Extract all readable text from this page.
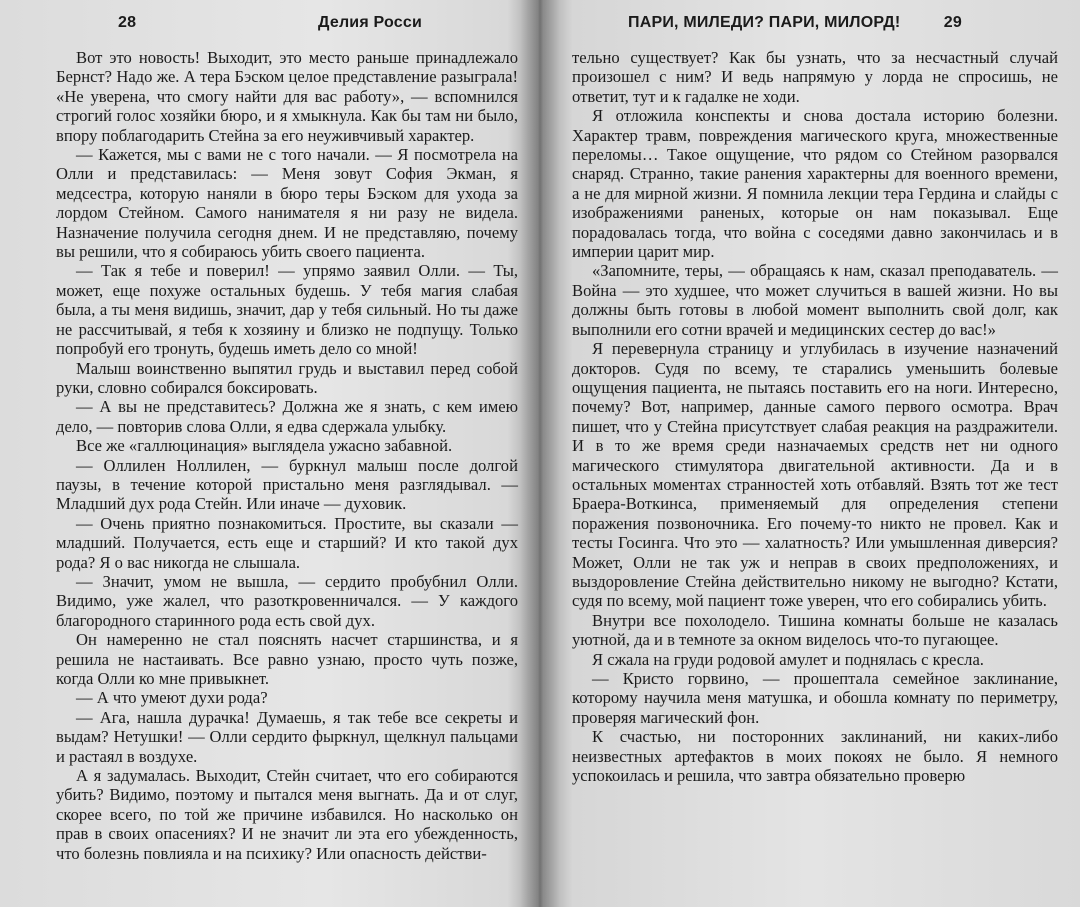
28	Делия Росси

Вот это новость! Выходит, это место раньше принадлежало Бернст? Надо же. А тера Бэском целое представление разыграла! «Не уверена, что смогу найти для вас работу», — вспомнился строгий голос хозяйки бюро, и я хмыкнула. Как бы там ни было, впору поблагодарить Стейна за его неуживчивый характер.

— Кажется, мы с вами не с того начали. — Я посмотрела на Олли и представилась: — Меня зовут София Экман, я медсестра, которую наняли в бюро теры Бэском для ухода за лордом Стейном. Самого нанимателя я ни разу не видела. Назначение получила сегодня днем. И не представляю, почему вы решили, что я собираюсь убить своего пациента.

— Так я тебе и поверил! — упрямо заявил Олли. — Ты, может, еще похуже остальных будешь. У тебя магия слабая была, а ты меня видишь, значит, дар у тебя сильный. Но ты даже не рассчитывай, я тебя к хозяину и близко не подпущу. Только попробуй его тронуть, будешь иметь дело со мной!

Малыш воинственно выпятил грудь и выставил перед собой руки, словно собирался боксировать.

— А вы не представитесь? Должна же я знать, с кем имею дело, — повторив слова Олли, я едва сдержала улыбку.

Все же «галлюцинация» выглядела ужасно забавной.

— Оллилен Ноллилен, — буркнул малыш после долгой паузы, в течение которой пристально меня разглядывал. — Младший дух рода Стейн. Или иначе — духовик.

— Очень приятно познакомиться. Простите, вы сказали — младший. Получается, есть еще и старший? И кто такой дух рода? Я о вас никогда не слышала.

— Значит, умом не вышла, — сердито пробубнил Олли. Видимо, уже жалел, что разоткровенничался. — У каждого благородного старинного рода есть свой дух.

Он намеренно не стал пояснять насчет старшинства, и я решила не настаивать. Все равно узнаю, просто чуть позже, когда Олли ко мне привыкнет.

— А что умеют духи рода?

— Ага, нашла дурачка! Думаешь, я так тебе все секреты и выдам? Нетушки! — Олли сердито фыркнул, щелкнул пальцами и растаял в воздухе.

А я задумалась. Выходит, Стейн считает, что его собираются убить? Видимо, поэтому и пытался меня выгнать. Да и от слуг, скорее всего, по той же причине избавился. Но насколько он прав в своих опасениях? И не значит ли эта его убежденность, что болезнь повлияла и на психику? Или опасность действи-

ПАРИ, МИЛЕДИ? ПАРИ, МИЛОРД!	29

тельно существует? Как бы узнать, что за несчастный случай произошел с ним? И ведь напрямую у лорда не спросишь, не ответит, тут и к гадалке не ходи.

Я отложила конспекты и снова достала историю болезни. Характер травм, повреждения магического круга, множественные переломы… Такое ощущение, что рядом со Стейном разорвался снаряд. Странно, такие ранения характерны для военного времени, а не для мирной жизни. Я помнила лекции тера Гердина и слайды с изображениями раненых, которые он нам показывал. Еще порадовалась тогда, что война с соседями давно закончилась и в империи царит мир.

«Запомните, теры, — обращаясь к нам, сказал преподаватель. — Война — это худшее, что может случиться в вашей жизни. Но вы должны быть готовы в любой момент выполнить свой долг, как выполнили его сотни врачей и медицинских сестер до вас!»

Я перевернула страницу и углубилась в изучение назначений докторов. Судя по всему, те старались уменьшить болевые ощущения пациента, не пытаясь поставить его на ноги. Интересно, почему? Вот, например, данные самого первого осмотра. Врач пишет, что у Стейна присутствует слабая реакция на раздражители. И в то же время среди назначаемых средств нет ни одного магического стимулятора двигательной активности. Да и в остальных моментах странностей хоть отбавляй. Взять тот же тест Браера-Воткинса, применяемый для определения степени поражения позвоночника. Его почему-то никто не провел. Как и тесты Госинга. Что это — халатность? Или умышленная диверсия? Может, Олли не так уж и неправ в своих предположениях, и выздоровление Стейна действительно никому не выгодно? Кстати, судя по всему, мой пациент тоже уверен, что его собирались убить.

Внутри все похолодело. Тишина комнаты больше не казалась уютной, да и в темноте за окном виделось что-то пугающее.

Я сжала на груди родовой амулет и поднялась с кресла.

— Кристо горвино, — прошептала семейное заклинание, которому научила меня матушка, и обошла комнату по периметру, проверяя магический фон.

К счастью, ни посторонних заклинаний, ни каких-либо неизвестных артефактов в моих покоях не было. Я немного успокоилась и решила, что завтра обязательно проверю
